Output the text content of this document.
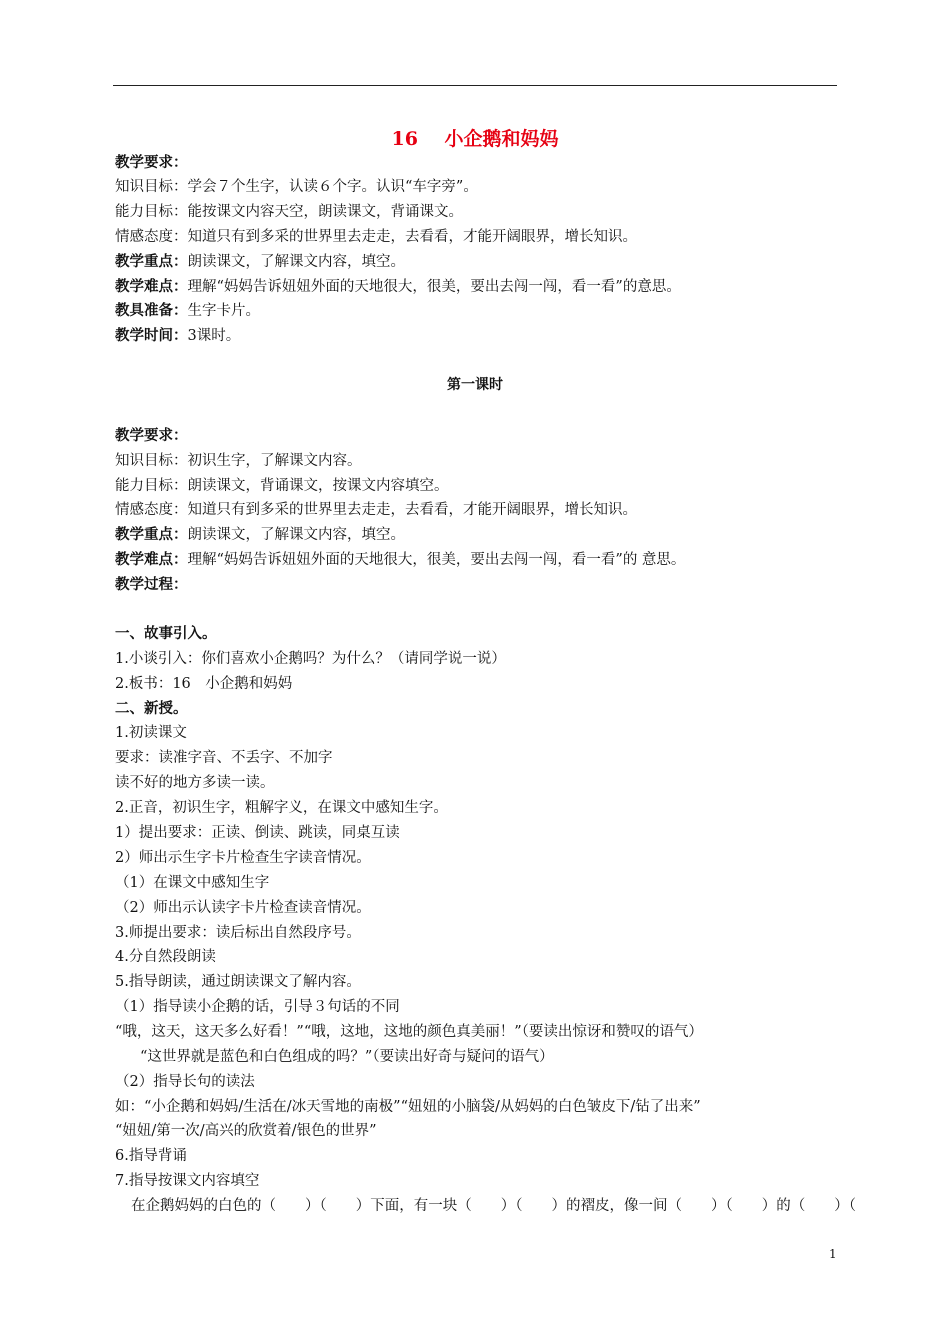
16    小企鹅和妈妈
教学要求：
知识目标：学会７个生字，认读６个字。认识“车字旁”。
能力目标：能按课文内容天空，朗读课文，背诵课文。
情感态度：知道只有到多采的世界里去走走，去看看，才能开阔眼界，增长知识。
教学重点：朗读课文，了解课文内容，填空。
教学难点：理解“妈妈告诉妞妞外面的天地很大，很美，要出去闯一闯，看一看”的意思。
教具准备：生字卡片。
教学时间：3课时。
第一课时
教学要求：
知识目标：初识生字，了解课文内容。
能力目标：朗读课文，背诵课文，按课文内容填空。
情感态度：知道只有到多采的世界里去走走，去看看，才能开阔眼界，增长知识。
教学重点：朗读课文，了解课文内容，填空。
教学难点：理解“妈妈告诉妞妞外面的天地很大，很美，要出去闯一闯，看一看”的 意思。
教学过程：
一、故事引入。
1.小谈引入：你们喜欢小企鹅吗？为什么？（请同学说一说）
2.板书：16　小企鹅和妈妈
二、新授。
1.初读课文
要求：读准字音、不丢字、不加字
读不好的地方多读一读。
2.正音，初识生字，粗解字义，在课文中感知生字。
1）提出要求：正读、倒读、跳读，同桌互读
2）师出示生字卡片检查生字读音情况。
（1）在课文中感知生字
（2）师出示认读字卡片检查读音情况。
3.师提出要求：读后标出自然段序号。
4.分自然段朗读
5.指导朗读，通过朗读课文了解内容。
（1）指导读小企鹅的话，引导３句话的不同
“哦，这天，这天多么好看！”“哦，这地，这地的颜色真美丽！”（要读出惊讶和赞叹的语气）
“这世界就是蓝色和白色组成的吗？”（要读出好奇与疑问的语气）
（2）指导长句的读法
如：“小企鹅和妈妈/生活在/冰天雪地的南极”“妞妞的小脑袋/从妈妈的白色皱皮下/钻了出来”
“妞妞/第一次/高兴的欣赏着/银色的世界”
6.指导背诵
7.指导按课文内容填空
在企鹅妈妈的白色的（　　）（　　）下面，有一块（　　）（　　）的褶皮，像一间（　　）（　　）的（　　）（
1
